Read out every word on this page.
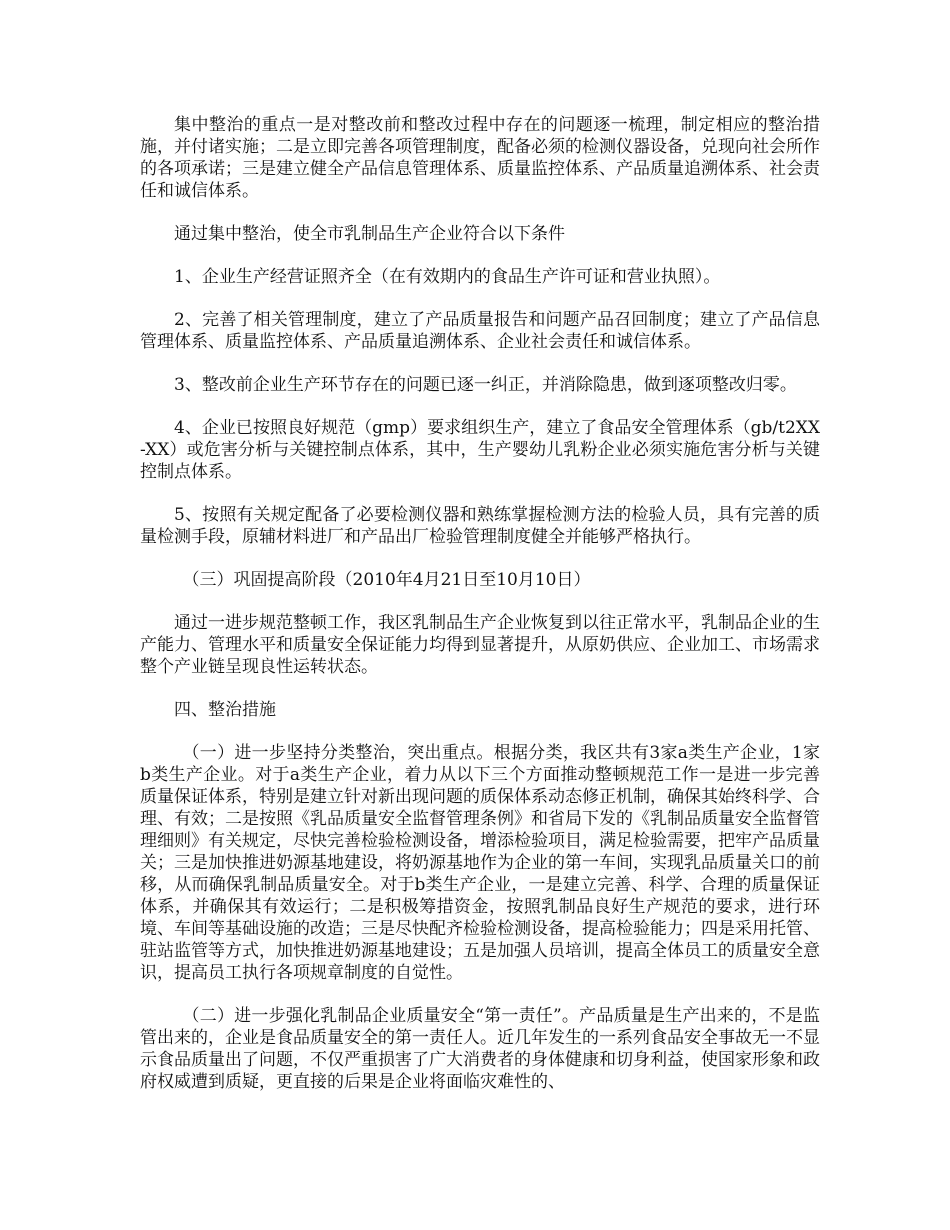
集中整治的重点一是对整改前和整改过程中存在的问题逐一梳理，制定相应的整治措施，并付诸实施；二是立即完善各项管理制度，配备必须的检测仪器设备，兑现向社会所作的各项承诺；三是建立健全产品信息管理体系、质量监控体系、产品质量追溯体系、社会责任和诚信体系。

通过集中整治，使全市乳制品生产企业符合以下条件

1、企业生产经营证照齐全（在有效期内的食品生产许可证和营业执照）。

2、完善了相关管理制度，建立了产品质量报告和问题产品召回制度；建立了产品信息管理体系、质量监控体系、产品质量追溯体系、企业社会责任和诚信体系。

3、整改前企业生产环节存在的问题已逐一纠正，并消除隐患，做到逐项整改归零。

4、企业已按照良好规范（gmp）要求组织生产，建立了食品安全管理体系（gb/t2XX-XX）或危害分析与关键控制点体系，其中，生产婴幼儿乳粉企业必须实施危害分析与关键控制点体系。

5、按照有关规定配备了必要检测仪器和熟练掌握检测方法的检验人员，具有完善的质量检测手段，原辅材料进厂和产品出厂检验管理制度健全并能够严格执行。

（三）巩固提高阶段（2010年4月21日至10月10日）

通过一进步规范整顿工作，我区乳制品生产企业恢复到以往正常水平，乳制品企业的生产能力、管理水平和质量安全保证能力均得到显著提升，从原奶供应、企业加工、市场需求整个产业链呈现良性运转状态。

四、整治措施

（一）进一步坚持分类整治，突出重点。根据分类，我区共有3家a类生产企业，1家b类生产企业。对于a类生产企业，着力从以下三个方面推动整顿规范工作一是进一步完善质量保证体系，特别是建立针对新出现问题的质保体系动态修正机制，确保其始终科学、合理、有效；二是按照《乳品质量安全监督管理条例》和省局下发的《乳制品质量安全监督管理细则》有关规定，尽快完善检验检测设备，增添检验项目，满足检验需要，把牢产品质量关；三是加快推进奶源基地建设，将奶源基地作为企业的第一车间，实现乳品质量关口的前移，从而确保乳制品质量安全。对于b类生产企业，一是建立完善、科学、合理的质量保证体系，并确保其有效运行；二是积极筹措资金，按照乳制品良好生产规范的要求，进行环境、车间等基础设施的改造；三是尽快配齐检验检测设备，提高检验能力；四是采用托管、驻站监管等方式，加快推进奶源基地建设；五是加强人员培训，提高全体员工的质量安全意识，提高员工执行各项规章制度的自觉性。

（二）进一步强化乳制品企业质量安全“第一责任”。产品质量是生产出来的，不是监管出来的，企业是食品质量安全的第一责任人。近几年发生的一系列食品安全事故无一不显示食品质量出了问题，不仅严重损害了广大消费者的身体健康和切身利益，使国家形象和政府权威遭到质疑，更直接的后果是企业将面临灾难性的、
